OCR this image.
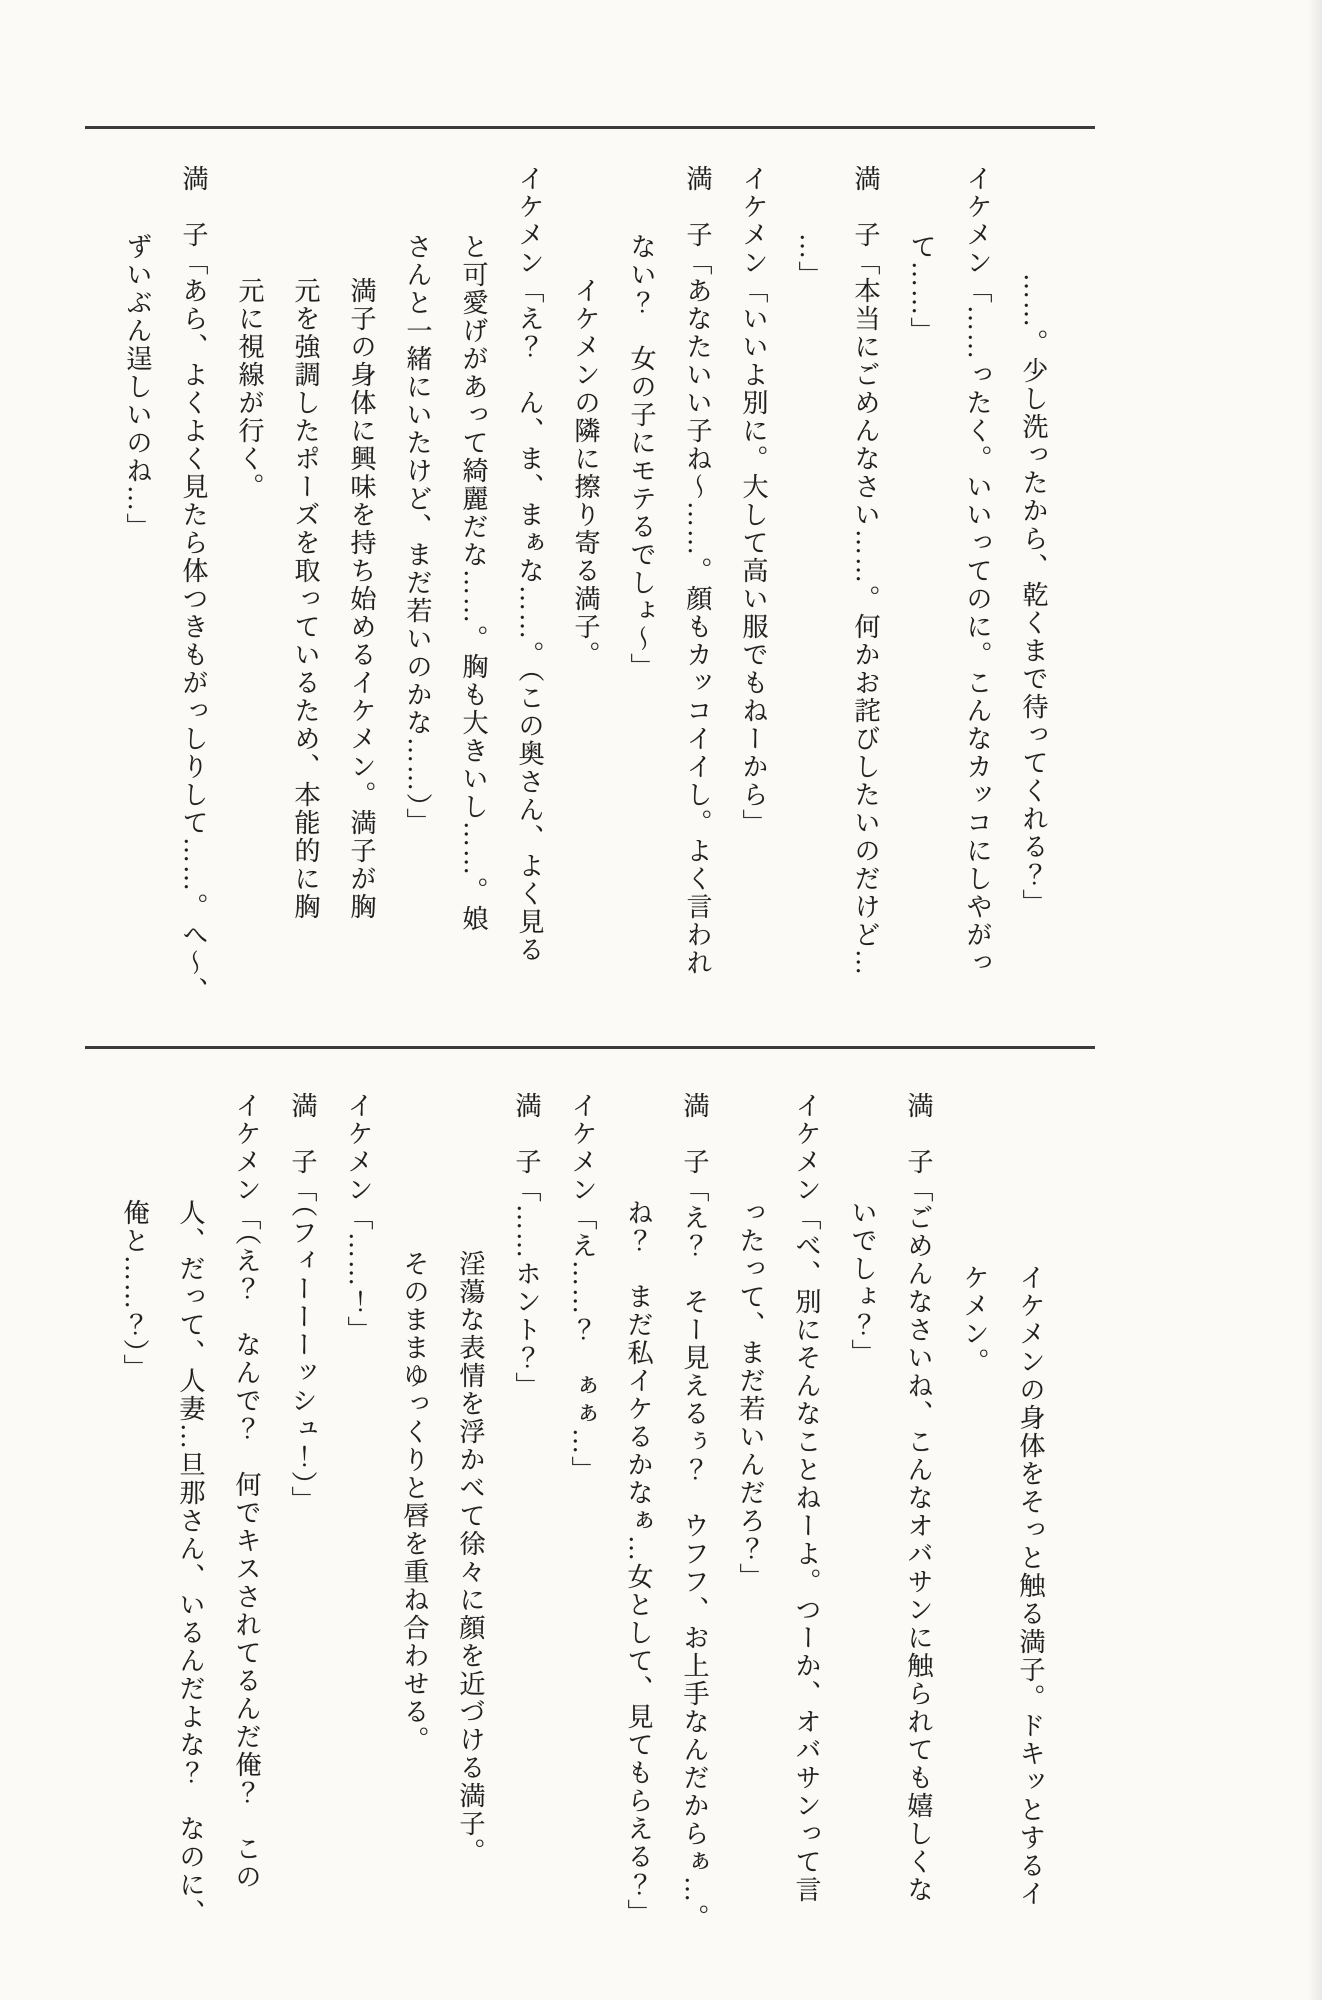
……。少し洗ったから、乾くまで待ってくれる？」
イケメン「……ったく。いいってのに。こんなカッコにしやがっ
て……」
満　子「本当にごめんなさい……。何かお詫びしたいのだけど…
…」
イケメン「いいよ別に。大して高い服でもねーから」
満　子「あなたいい子ね〜……。顔もカッコイイし。よく言われ
ない？　女の子にモテるでしょ〜」
イケメンの隣に擦り寄る満子。
イケメン「え？　ん、ま、まぁな……。（この奥さん、よく見る
と可愛げがあって綺麗だな……。胸も大きいし……。娘
さんと一緒にいたけど、まだ若いのかな……）」
満子の身体に興味を持ち始めるイケメン。満子が胸
元を強調したポーズを取っているため、本能的に胸
元に視線が行く。
満　子「あら、よくよく見たら体つきもがっしりして……。へ〜、
ずいぶん逞しいのね…」
イケメンの身体をそっと触る満子。ドキッとするイ
ケメン。
満　子「ごめんなさいね、こんなオバサンに触られても嬉しくな
いでしょ？」
イケメン「べ、別にそんなことねーよ。つーか、オバサンって言
ったって、まだ若いんだろ？」
満　子「え？　そー見えるぅ？　ウフフ、お上手なんだからぁ…。
ね？　まだ私イケるかなぁ…女として、見てもらえる？」
イケメン「え……？　ぁぁ…」
満　子「……ホント？」
淫蕩な表情を浮かべて徐々に顔を近づける満子。
そのままゆっくりと唇を重ね合わせる。
イケメン「……！」
満　子「（フィーーーッシュ！）」
イケメン「（え？　なんで？　何でキスされてるんだ俺？　この
人、だって、人妻…旦那さん、いるんだよな？　なのに、
俺と……？）」
